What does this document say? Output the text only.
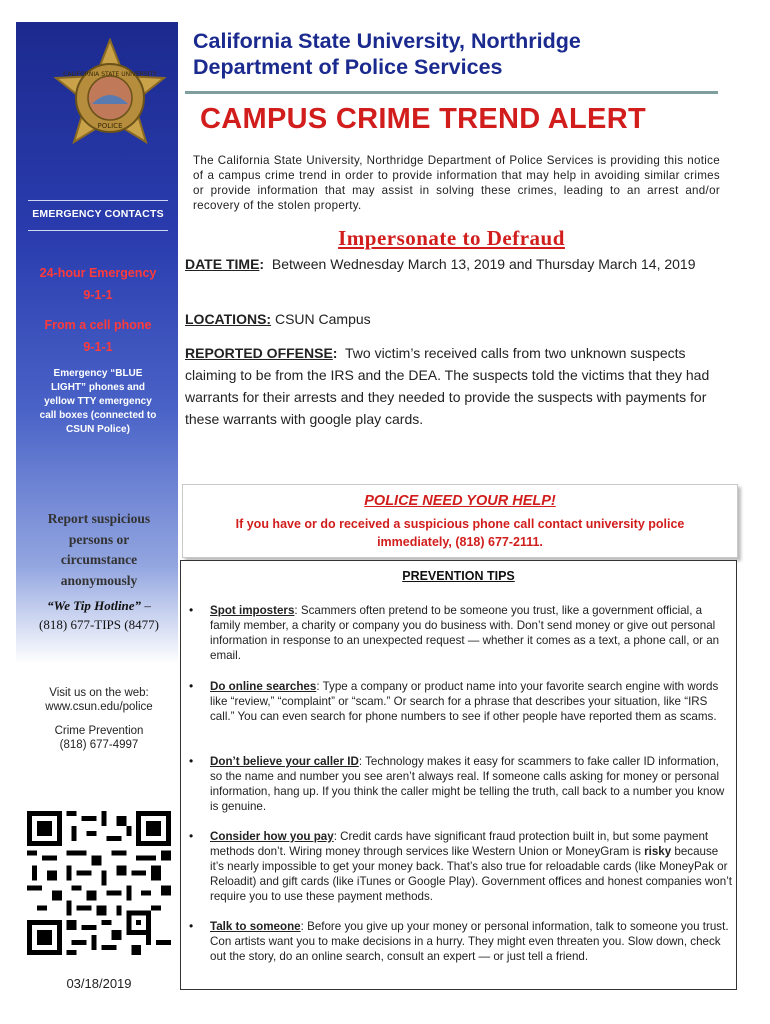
CALIFORNIA STATE UNIVERSITY
POLICE
EMERGENCY CONTACTS
24-hour Emergency
9-1-1
From a cell phone
9-1-1
Emergency “BLUE
LIGHT” phones and
yellow TTY emergency
call boxes (connected to
CSUN Police)
Report suspicious
persons or
circumstance
anonymously
“We Tip Hotline” –
(818) 677-TIPS (8477)
Visit us on the web:
www.csun.edu/police
Crime Prevention
(818) 677-4997
03/18/2019
California State University, Northridge
Department of Police Services
CAMPUS CRIME TREND ALERT
The California State University, Northridge Department of Police Services is providing this notice of a campus crime trend in order to provide information that may help in avoiding similar crimes or provide information that may assist in solving these crimes, leading to an arrest and/or recovery of the stolen property.
Impersonate to Defraud
DATE TIME: Between Wednesday March 13, 2019 and Thursday March 14, 2019
LOCATIONS: CSUN Campus
REPORTED OFFENSE: Two victim’s received calls from two unknown suspects claiming to be from the IRS and the DEA. The suspects told the victims that they had warrants for their arrests and they needed to provide the suspects with payments for these warrants with google play cards.
POLICE NEED YOUR HELP!
If you have or do received a suspicious phone call contact university police
immediately, (818) 677-2111.
PREVENTION TIPS
• Spot imposters: Scammers often pretend to be someone you trust, like a government official, a family member, a charity or company you do business with. Don’t send money or give out personal information in response to an unexpected request — whether it comes as a text, a phone call, or an email.
• Do online searches: Type a company or product name into your favorite search engine with words like “review,” “complaint” or “scam.” Or search for a phrase that describes your situation, like “IRS call.” You can even search for phone numbers to see if other people have reported them as scams.
• Don’t believe your caller ID: Technology makes it easy for scammers to fake caller ID information, so the name and number you see aren’t always real. If someone calls asking for money or personal information, hang up. If you think the caller might be telling the truth, call back to a number you know is genuine.
• Consider how you pay: Credit cards have significant fraud protection built in, but some payment methods don’t. Wiring money through services like Western Union or MoneyGram is risky because it’s nearly impossible to get your money back. That’s also true for reloadable cards (like MoneyPak or Reloadit) and gift cards (like iTunes or Google Play). Government offices and honest companies won’t require you to use these payment methods.
• Talk to someone: Before you give up your money or personal information, talk to someone you trust. Con artists want you to make decisions in a hurry. They might even threaten you. Slow down, check out the story, do an online search, consult an expert — or just tell a friend.
